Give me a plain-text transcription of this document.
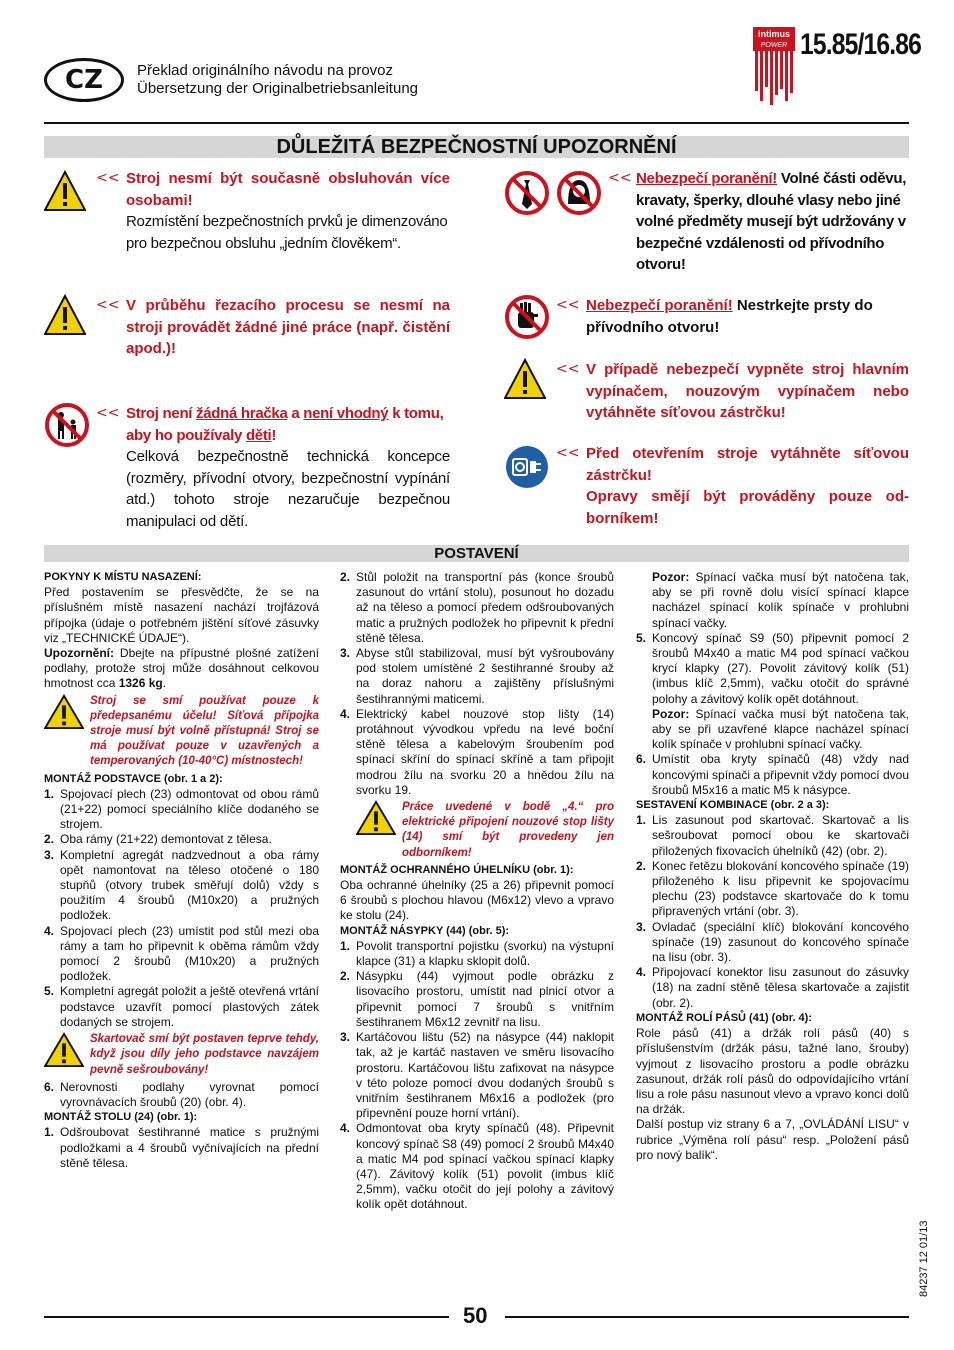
CZ	Překlad originálního návodu na provoz
Übersetzung der Originalbetriebsanleitung
intimus
POWER 15.85/16.86
DŮLEŽITÁ BEZPEČNOSTNÍ UPOZORNĚNÍ
<< Stroj nesmí být současně obsluhován více osobami!
Rozmístění bezpečnostních prvků je dimenzováno pro bezpečnou obsluhu „jedním člověkem“.
<< V průběhu řezacího procesu se nesmí na stroji provádět žádné jiné práce (např. čistění apod.)!
<< Stroj není žádná hračka a není vhodný k tomu, aby ho používaly děti!
Celková bezpečnostně technická koncepce (rozměry, přívodní otvory, bezpečnostní vypínání atd.) tohoto stroje nezaručuje bezpečnou manipulaci od dětí.
<< Nebezpečí poranění! Volné části oděvu, kravaty, šperky, dlouhé vlasy nebo jiné volné předměty musejí být udržovány v bezpečné vzdálenosti od přívodního otvoru!
<< Nebezpečí poranění! Nestrkejte prsty do přívodního otvoru!
<< V případě nebezpečí vypněte stroj hlavním vypínačem, nouzovým vypínačem nebo vytáhněte síťovou zástrčku!
<< Před otevřením stroje vytáhněte síťovou zástrčku!
Opravy smějí být prováděny pouze od-borníkem!
POSTAVENÍ

POKYNY K MÍSTU NASAZENÍ:

Před postavením se přesvědčte, že se na příslušném místě nasazení nachází trojfázová přípojka (údaje o potřebném jištění síťové zásuvky viz „TECHNICKÉ ÚDAJE“).

Upozornění: Dbejte na přípustné plošné zatížení podlahy, protože stroj může dosáhnout celkovou hmotnost cca 1326 kg.

Stroj se smí používat pouze k předepsanému účelu! Síťová přípojka stroje musí být volně přístupná! Stroj se má používat pouze v uzavřených a temperovaných (10-40°C) místnostech!

MONTÁŽ PODSTAVCE (obr. 1 a 2):

1. Spojovací plech (23) odmontovat od obou rámů (21+22) pomocí speciálního klíče dodaného se strojem.
2. Oba rámy (21+22) demontovat z tělesa.
3. Kompletní agregát nadzvednout a oba rámy opět namontovat na těleso otočené o 180 stupňů (otvory trubek směřují dolů) vždy s použitím 4 šroubů (M10x20) a pružných podložek.
4. Spojovací plech (23) umístit pod stůl mezi oba rámy a tam ho připevnit k oběma rámům vždy pomocí 2 šroubů (M10x20) a pružných podložek.
5. Kompletní agregát položit a ještě otevřená vrtání podstavce uzavřít pomocí plastových zátek dodaných se strojem.
Skartovač smí být postaven teprve tehdy, když jsou díly jeho podstavce navzájem pevně sešroubovány!
6. Nerovnosti podlahy vyrovnat pomocí vyrovnávacích šroubů (20) (obr. 4).

MONTÁŽ STOLU (24) (obr. 1):

1. Odšroubovat šestihranné matice s pružnými podložkami a 4 šroubů vyčnívajících na přední stěně tělesa.
2. Stůl položit na transportní pás (konce šroubů zasunout do vrtání stolu), posunout ho dozadu až na těleso a pomocí předem odšroubovaných matic a pružných podložek ho připevnit k přední stěně tělesa.
3. Abyse stůl stabilizoval, musí být vyšroubovány pod stolem umístěné 2 šestihranné šrouby až na doraz nahoru a zajištěny příslušnými šestihrannými maticemi.
4. Elektrický kabel nouzové stop lišty (14) protáhnout vývodkou vpředu na levé boční stěně tělesa a kabelovým šroubením pod spínací skříní do spínací skříně a tam připojit modrou žílu na svorku 20 a hnědou žílu na svorku 19.
Práce uvedené v bodě „4.“ pro elektrické připojení nouzové stop lišty (14) smí být provedeny jen odborníkem!

MONTÁŽ OCHRANNÉHO ÚHELNÍKU (obr. 1):

Oba ochranné úhelníky (25 a 26) připevnit pomocí 6 šroubů s plochou hlavou (M6x12) vlevo a vpravo ke stolu (24).

MONTÁŽ NÁSYPKY (44) (obr. 5):

1. Povolit transportní pojistku (svorku) na výstupní klapce (31) a klapku sklopit dolů.
2. Násypku (44) vyjmout podle obrázku z lisovacího prostoru, umístit nad plnicí otvor a připevnit pomocí 7 šroubů s vnitřním šestihranem M6x12 zevnitř na lisu.
3. Kartáčovou lištu (52) na násypce (44) naklopit tak, až je kartáč nastaven ve směru lisovacího prostoru. Kartáčovou lištu zafixovat na násypce v této poloze pomocí dvou dodaných šroubů s vnitřním šestihranem M6x16 a podložek (pro připevnění pouze horní vrtání).
4. Odmontovat oba kryty spínačů (48). Připevnit koncový spínač S8 (49) pomocí 2 šroubů M4x40 a matic M4 pod spínací vačkou spínací klapky (47). Závitový kolík (51) povolit (imbus klíč 2,5mm), vačku otočit do její polohy a závitový kolík opět dotáhnout.

Pozor: Spínací vačka musí být natočena tak, aby se při rovně dolu visící spínací klapce nacházel spínací kolík spínače v prohlubni spínací vačky.

5. Koncový spínač S9 (50) připevnit pomocí 2 šroubů M4x40 a matic M4 pod spínací vačkou krycí klapky (27). Povolit závitový kolík (51) (imbus klíč 2,5mm), vačku otočit do správné polohy a závitový kolík opět dotáhnout.

Pozor: Spínací vačka musí být natočena tak, aby se při uzavřené klapce nacházel spínací kolík spínače v prohlubni spínací vačky.

6. Umístit oba kryty spínačů (48) vždy nad koncovými spínači a připevnit vždy pomocí dvou šroubů M5x16 a matic M5 k násypce.

SESTAVENÍ KOMBINACE (obr. 2 a 3):

1. Lis zasunout pod skartovač. Skartovač a lis sešroubovat pomocí obou ke skartovači přiložených fixovacích úhelníků (42) (obr. 2).
2. Konec řetězu blokování koncového spínače (19) přiloženého k lisu připevnit ke spojovacímu plechu (23) podstavce skartovače do k tomu připravených vrtání (obr. 3).
3. Ovladač (speciální klíč) blokování koncového spínače (19) zasunout do koncového spínače na lisu (obr. 3).
4. Připojovací konektor lisu zasunout do zásuvky (18) na zadní stěně tělesa skartovače a zajistit (obr. 2).

MONTÁŽ ROLÍ PÁSŮ (41) (obr. 4):

Role pásů (41) a držák rolí pásů (40) s příslušenstvím (držák pásu, tažné lano, šrouby) vyjmout z lisovacího prostoru a podle obrázku zasunout, držák rolí pásů do odpovídajícího vrtání lisu a role pásu nasunout vlevo a vpravo konci dolů na držák.

Další postup viz strany 6 a 7, „OVLÁDÁNÍ LISU“ v rubrice „Výměna rolí pásu“ resp. „Položení pásů pro nový balík“.

50
84237 12 01/13
